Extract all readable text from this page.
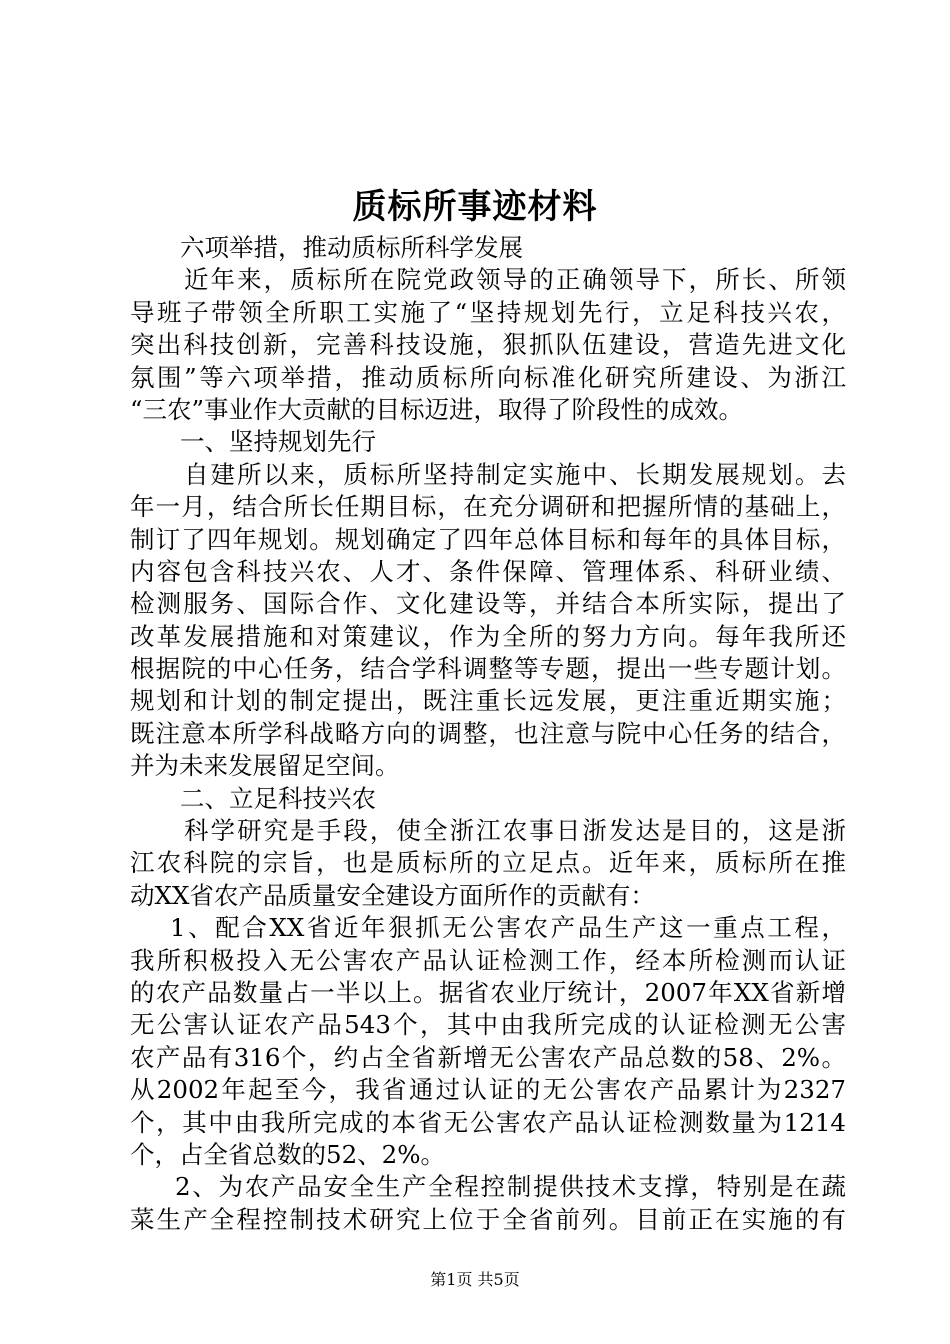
质标所事迹材料
六项举措，推动质标所科学发展
近年来，质标所在院党政领导的正确领导下，所长、所领
导班子带领全所职工实施了“坚持规划先行，立足科技兴农，
突出科技创新，完善科技设施，狠抓队伍建设，营造先进文化
氛围”等六项举措，推动质标所向标准化研究所建设、为浙江
“三农”事业作大贡献的目标迈进，取得了阶段性的成效。
一、坚持规划先行
自建所以来，质标所坚持制定实施中、长期发展规划。去
年一月，结合所长任期目标，在充分调研和把握所情的基础上，
制订了四年规划。规划确定了四年总体目标和每年的具体目标，
内容包含科技兴农、人才、条件保障、管理体系、科研业绩、
检测服务、国际合作、文化建设等，并结合本所实际，提出了
改革发展措施和对策建议，作为全所的努力方向。每年我所还
根据院的中心任务，结合学科调整等专题，提出一些专题计划。
规划和计划的制定提出，既注重长远发展，更注重近期实施；
既注意本所学科战略方向的调整，也注意与院中心任务的结合，
并为未来发展留足空间。
二、立足科技兴农
科学研究是手段，使全浙江农事日浙发达是目的，这是浙
江农科院的宗旨，也是质标所的立足点。近年来，质标所在推
动XX省农产品质量安全建设方面所作的贡献有：
1、配合XX省近年狠抓无公害农产品生产这一重点工程，
我所积极投入无公害农产品认证检测工作，经本所检测而认证
的农产品数量占一半以上。据省农业厅统计，2007年XX省新增
无公害认证农产品543个，其中由我所完成的认证检测无公害
农产品有316个，约占全省新增无公害农产品总数的58、2%。
从2002年起至今，我省通过认证的无公害农产品累计为2327
个，其中由我所完成的本省无公害农产品认证检测数量为1214
个，占全省总数的52、2%。
2、为农产品安全生产全程控制提供技术支撑，特别是在蔬
菜生产全程控制技术研究上位于全省前列。目前正在实施的有
第1页 共5页
